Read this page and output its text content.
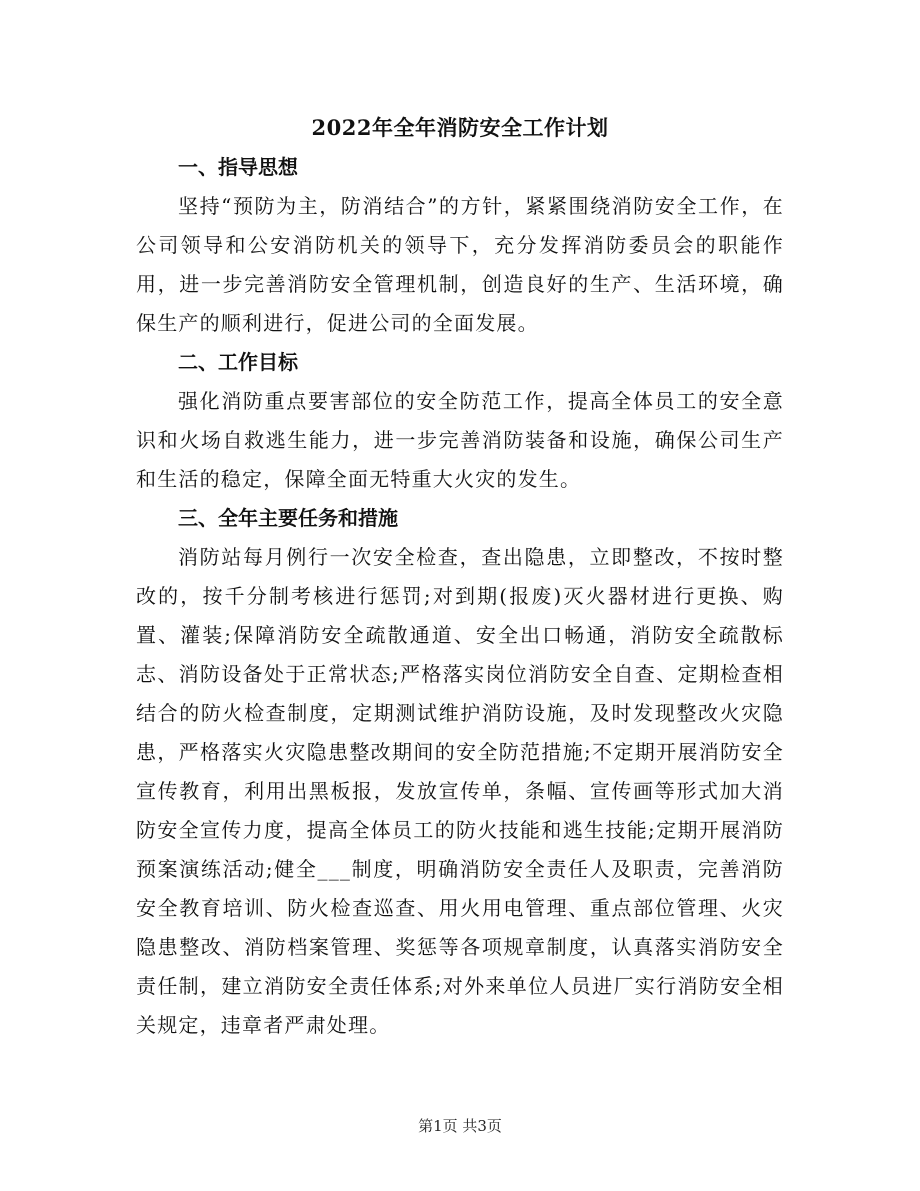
2022年全年消防安全工作计划

一、指导思想

坚持“预防为主，防消结合”的方针，紧紧围绕消防安全工作，在公司领导和公安消防机关的领导下，充分发挥消防委员会的职能作用，进一步完善消防安全管理机制，创造良好的生产、生活环境，确保生产的顺利进行，促进公司的全面发展。

二、工作目标

强化消防重点要害部位的安全防范工作，提高全体员工的安全意识和火场自救逃生能力，进一步完善消防装备和设施，确保公司生产和生活的稳定，保障全面无特重大火灾的发生。

三、全年主要任务和措施

消防站每月例行一次安全检查，查出隐患，立即整改，不按时整改的，按千分制考核进行惩罚;对到期(报废)灭火器材进行更换、购置、灌装;保障消防安全疏散通道、安全出口畅通，消防安全疏散标志、消防设备处于正常状态;严格落实岗位消防安全自查、定期检查相结合的防火检查制度，定期测试维护消防设施，及时发现整改火灾隐患，严格落实火灾隐患整改期间的安全防范措施;不定期开展消防安全宣传教育，利用出黑板报，发放宣传单，条幅、宣传画等形式加大消防安全宣传力度，提高全体员工的防火技能和逃生技能;定期开展消防预案演练活动;健全___制度，明确消防安全责任人及职责，完善消防安全教育培训、防火检查巡查、用火用电管理、重点部位管理、火灾隐患整改、消防档案管理、奖惩等各项规章制度，认真落实消防安全责任制，建立消防安全责任体系;对外来单位人员进厂实行消防安全相关规定，违章者严肃处理。

第1页 共3页
